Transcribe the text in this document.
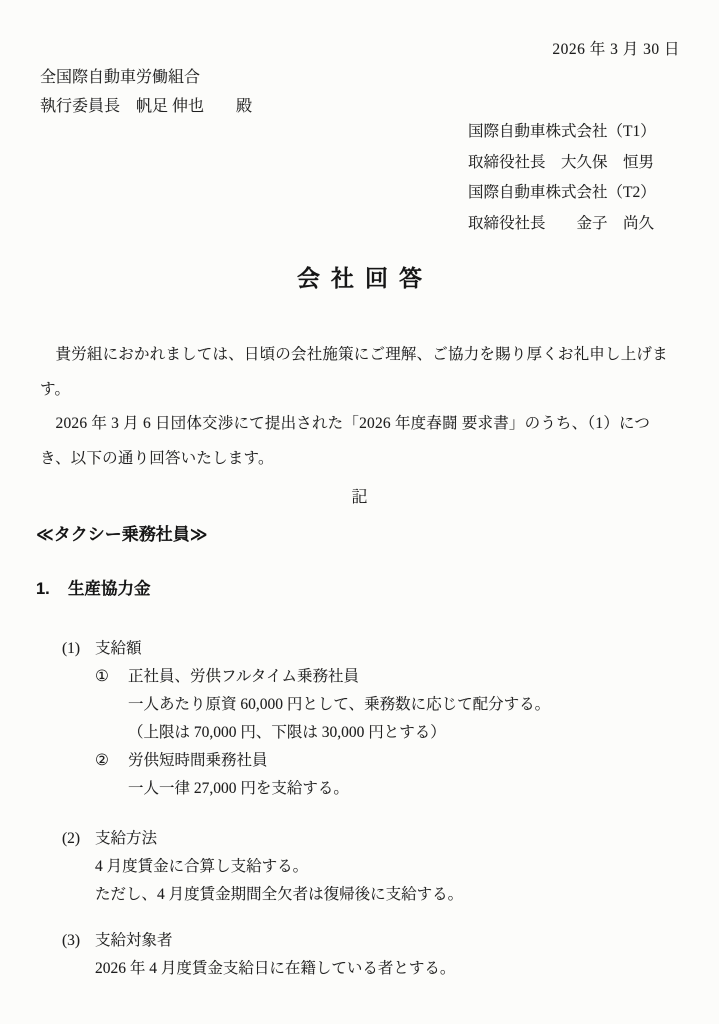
2026 年 3 月 30 日
全国際自動車労働組合
執行委員長　帆足 伸也　　殿
国際自動車株式会社（T1）
取締役社長　大久保　恒男
国際自動車株式会社（T2）
取締役社長　　金子　尚久
会社回答

貴労組におかれましては、日頃の会社施策にご理解、ご協力を賜り厚くお礼申し上げます。

2026 年 3 月 6 日団体交渉にて提出された「2026 年度春闘 要求書」のうち、（1）につき、以下の通り回答いたします。

記
≪タクシー乗務社員≫
1. 生産協力金
(1) 支給額
①	正社員、労供フルタイム乗務社員
一人あたり原資 60,000 円として、乗務数に応じて配分する。
（上限は 70,000 円、下限は 30,000 円とする）
②	労供短時間乗務社員
一人一律 27,000 円を支給する。
(2) 支給方法
4 月度賃金に合算し支給する。
ただし、4 月度賃金期間全欠者は復帰後に支給する。
(3) 支給対象者
2026 年 4 月度賃金支給日に在籍している者とする。
